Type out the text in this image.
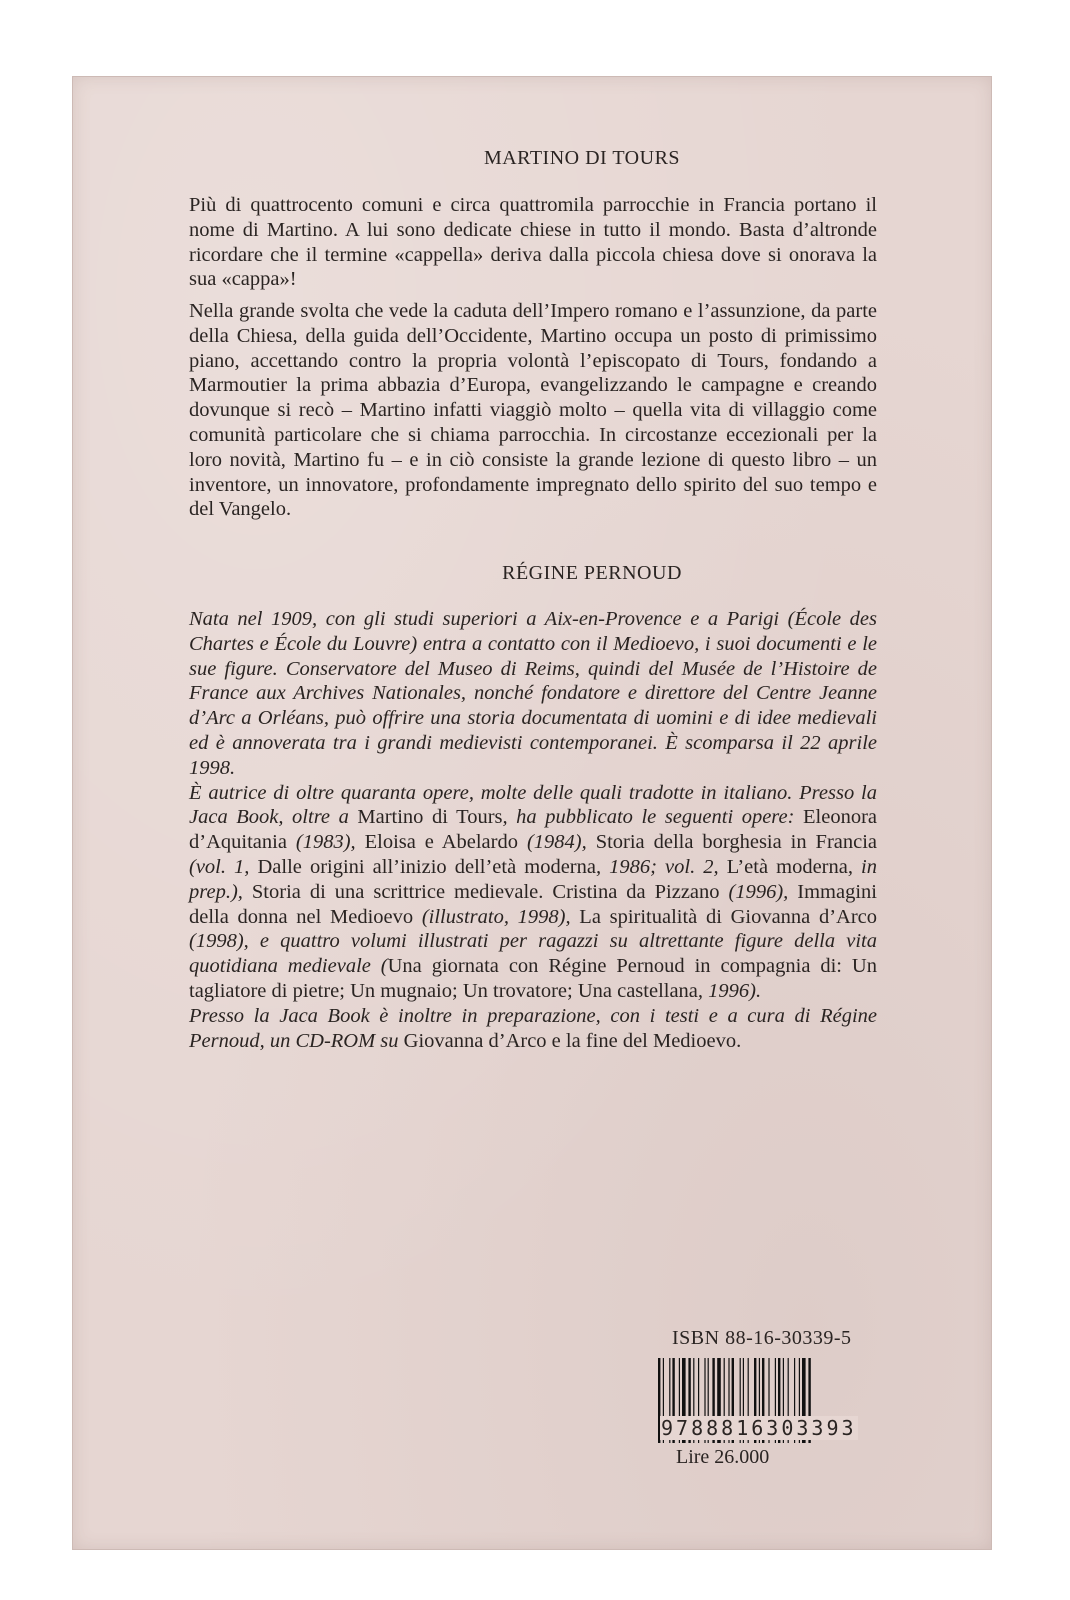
MARTINO DI TOURS

Più di quattrocento comuni e circa quattromila parrocchie in Francia portano il nome di Martino. A lui sono dedicate chiese in tutto il mondo. Basta d’altronde ricordare che il termine «cappella» deriva dalla piccola chiesa dove si onorava la sua «cappa»!

Nella grande svolta che vede la caduta dell’Impero romano e l’assunzione, da parte della Chiesa, della guida dell’Occidente, Martino occupa un posto di primissimo piano, accettando contro la propria volontà l’episcopato di Tours, fondando a Marmoutier la prima abbazia d’Europa, evangelizzando le campagne e creando dovunque si recò – Martino infatti viaggiò molto – quella vita di villaggio come comunità particolare che si chiama parrocchia. In circostanze eccezionali per la loro novità, Martino fu – e in ciò consiste la grande lezione di questo libro – un inventore, un innovatore, profondamente impregnato dello spirito del suo tempo e del Vangelo.

RÉGINE PERNOUD

Nata nel 1909, con gli studi superiori a Aix-en-Provence e a Parigi (École des Chartes e École du Louvre) entra a contatto con il Medioevo, i suoi documenti e le sue figure. Conservatore del Museo di Reims, quindi del Musée de l’Histoire de France aux Archives Nationales, nonché fondatore e direttore del Centre Jeanne d’Arc a Orléans, può offrire una storia documentata di uomini e di idee medievali ed è annoverata tra i grandi medievisti contemporanei. È scomparsa il 22 aprile 1998.

È autrice di oltre quaranta opere, molte delle quali tradotte in italiano. Presso la Jaca Book, oltre a Martino di Tours, ha pubblicato le seguenti opere: Eleonora d’Aquitania (1983), Eloisa e Abelardo (1984), Storia della borghesia in Francia (vol. 1, Dalle origini all’inizio dell’età moderna, 1986; vol. 2, L’età moderna, in prep.), Storia di una scrittrice medievale. Cristina da Pizzano (1996), Immagini della donna nel Medioevo (illustrato, 1998), La spiritualità di Giovanna d’Arco (1998), e quattro volumi illustrati per ragazzi su altrettante figure della vita quotidiana medievale (Una giornata con Régine Pernoud in compagnia di: Un tagliatore di pietre; Un mugnaio; Un trovatore; Una castellana, 1996).

Presso la Jaca Book è inoltre in preparazione, con i testi e a cura di Régine Pernoud, un CD-ROM su Giovanna d’Arco e la fine del Medioevo.

ISBN 88-16-30339-5
9788816303393
Lire 26.000
